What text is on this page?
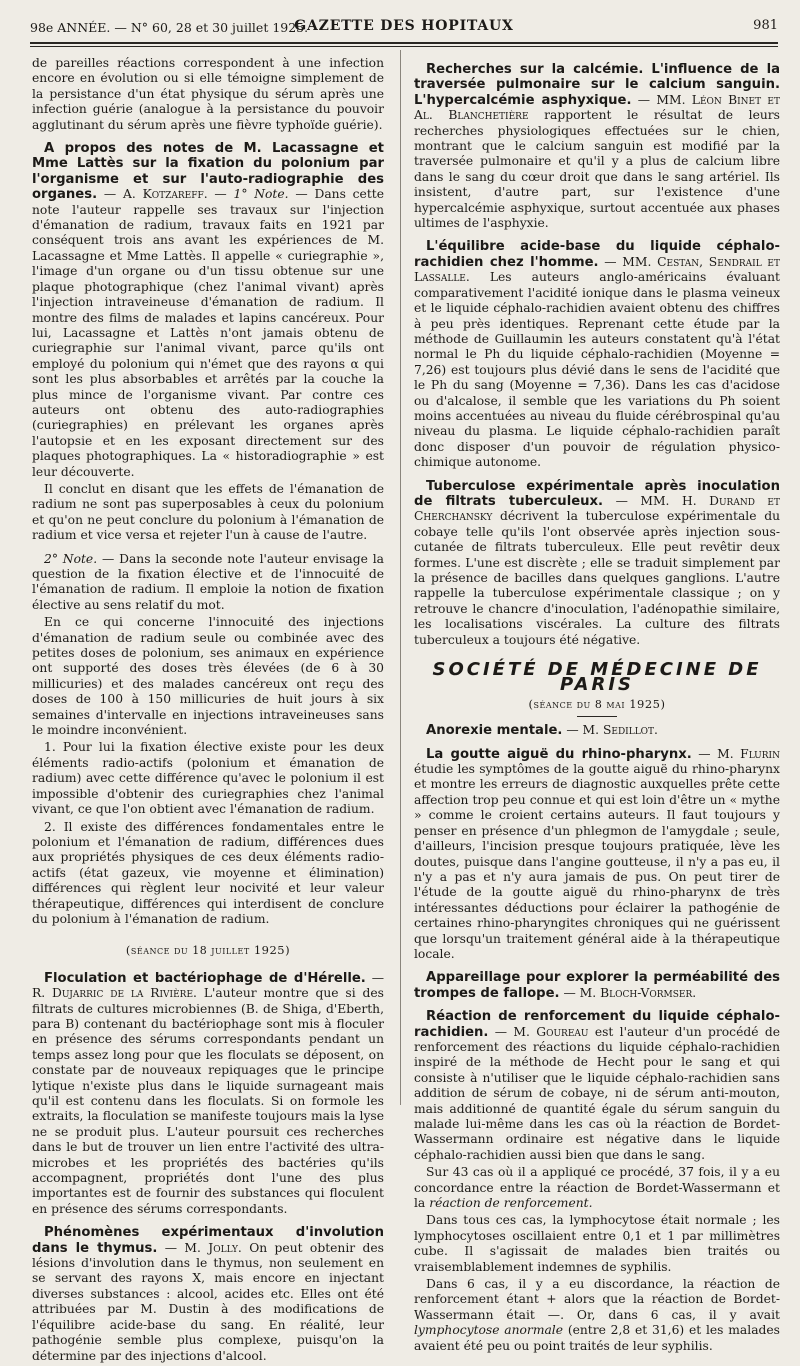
98e ANNÉE. — N° 60, 28 et 30 juillet 1925.
GAZETTE DES HOPITAUX	981

de pareilles réactions correspondent à une infection encore en évolution ou si elle témoigne simplement de la persistance d'un état physique du sérum après une infection guérie (analogue à la persistance du pouvoir agglutinant du sérum après une fièvre typhoïde guérie).

A propos des notes de M. Lacassagne et Mme Lattès sur la fixation du polonium par l'organisme et sur l'auto-radiographie des organes. — A. Kotzareff. — 1° Note. — Dans cette note l'auteur rappelle ses travaux sur l'injection d'émanation de radium, travaux faits en 1921 par conséquent trois ans avant les expériences de M. Lacassagne et Mme Lattès. Il appelle « curiegraphie », l'image d'un organe ou d'un tissu obtenue sur une plaque photographique (chez l'animal vivant) après l'injection intraveineuse d'émanation de radium. Il montre des films de malades et lapins cancéreux. Pour lui, Lacassagne et Lattès n'ont jamais obtenu de curiegraphie sur l'animal vivant, parce qu'ils ont employé du polonium qui n'émet que des rayons α qui sont les plus absorbables et arrêtés par la couche la plus mince de l'organisme vivant. Par contre ces auteurs ont obtenu des auto-radiographies (curiegraphies) en prélevant les organes après l'autopsie et en les exposant directement sur des plaques photographiques. La « historadiographie » est leur découverte.

Il conclut en disant que les effets de l'émanation de radium ne sont pas superposables à ceux du polonium et qu'on ne peut conclure du polonium à l'émanation de radium et vice versa et rejeter l'un à cause de l'autre.

2° Note. — Dans la seconde note l'auteur envisage la question de la fixation élective et de l'innocuité de l'émanation de radium. Il emploie la notion de fixation élective au sens relatif du mot.

En ce qui concerne l'innocuité des injections d'émanation de radium seule ou combinée avec des petites doses de polonium, ses animaux en expérience ont supporté des doses très élevées (de 6 à 30 millicuries) et des malades cancéreux ont reçu des doses de 100 à 150 millicuries de huit jours à six semaines d'intervalle en injections intraveineuses sans le moindre inconvénient.

1. Pour lui la fixation élective existe pour les deux éléments radio-actifs (polonium et émanation de radium) avec cette différence qu'avec le polonium il est impossible d'obtenir des curiegraphies chez l'animal vivant, ce que l'on obtient avec l'émanation de radium.

2. Il existe des différences fondamentales entre le polonium et l'émanation de radium, différences dues aux propriétés physiques de ces deux éléments radio-actifs (état gazeux, vie moyenne et élimination) différences qui règlent leur nocivité et leur valeur thérapeutique, différences qui interdisent de conclure du polonium à l'émanation de radium.

(séance du 18 juillet 1925)

Floculation et bactériophage de d'Hérelle. — R. Dujarric de la Rivière. L'auteur montre que si des filtrats de cultures microbiennes (B. de Shiga, d'Eberth, para B) contenant du bactériophage sont mis à floculer en présence des sérums correspondants pendant un temps assez long pour que les floculats se déposent, on constate par de nouveaux repiquages que le principe lytique n'existe plus dans le liquide surnageant mais qu'il est contenu dans les floculats. Si on formole les extraits, la floculation se manifeste toujours mais la lyse ne se produit plus. L'auteur poursuit ces recherches dans le but de trouver un lien entre l'activité des ultra-microbes et les propriétés des bactéries qu'ils accompagnent, propriétés dont l'une des plus importantes est de fournir des substances qui floculent en présence des sérums correspondants.

Phénomènes expérimentaux d'involution dans le thymus. — M. Jolly. On peut obtenir des lésions d'involution dans le thymus, non seulement en se servant des rayons X, mais encore en injectant diverses substances : alcool, acides etc. Elles ont été attribuées par M. Dustin à des modifications de l'équilibre acide-base du sang. En réalité, leur pathogénie semble plus complexe, puisqu'on la détermine par des injections d'alcool.

Recherches sur la calcémie. L'influence de la traversée pulmonaire sur le calcium sanguin. L'hypercalcémie asphyxique. — MM. Léon Binet et Al. Blanchetière rapportent le résultat de leurs recherches physiologiques effectuées sur le chien, montrant que le calcium sanguin est modifié par la traversée pulmonaire et qu'il y a plus de calcium libre dans le sang du cœur droit que dans le sang artériel. Ils insistent, d'autre part, sur l'existence d'une hypercalcémie asphyxique, surtout accentuée aux phases ultimes de l'asphyxie.

L'équilibre acide-base du liquide céphalo-rachidien chez l'homme. — MM. Cestan, Sendrail et Lassalle. Les auteurs anglo-américains évaluant comparativement l'acidité ionique dans le plasma veineux et le liquide céphalo-rachidien avaient obtenu des chiffres à peu près identiques. Reprenant cette étude par la méthode de Guillaumin les auteurs constatent qu'à l'état normal le Ph du liquide céphalo-rachidien (Moyenne = 7,26) est toujours plus dévié dans le sens de l'acidité que le Ph du sang (Moyenne = 7,36). Dans les cas d'acidose ou d'alcalose, il semble que les variations du Ph soient moins accentuées au niveau du fluide cérébrospinal qu'au niveau du plasma. Le liquide céphalo-rachidien paraît donc disposer d'un pouvoir de régulation physico-chimique autonome.

Tuberculose expérimentale après inoculation de filtrats tuberculeux. — MM. H. Durand et Cherchansky décrivent la tuberculose expérimentale du cobaye telle qu'ils l'ont observée après injection sous-cutanée de filtrats tuberculeux. Elle peut revêtir deux formes. L'une est discrète ; elle se traduit simplement par la présence de bacilles dans quelques ganglions. L'autre rappelle la tuberculose expérimentale classique ; on y retrouve le chancre d'inoculation, l'adénopathie similaire, les localisations viscérales. La culture des filtrats tuberculeux a toujours été négative.

SOCIÉTÉ DE MÉDECINE DE PARIS
(séance du 8 mai 1925)

Anorexie mentale. — M. Sedillot.

La goutte aiguë du rhino-pharynx. — M. Flurin étudie les symptômes de la goutte aiguë du rhino-pharynx et montre les erreurs de diagnostic auxquelles prête cette affection trop peu connue et qui est loin d'être un « mythe » comme le croient certains auteurs. Il faut toujours y penser en présence d'un phlegmon de l'amygdale ; seule, d'ailleurs, l'incision presque toujours pratiquée, lève les doutes, puisque dans l'angine goutteuse, il n'y a pas eu, il n'y a pas et n'y aura jamais de pus. On peut tirer de l'étude de la goutte aiguë du rhino-pharynx de très intéressantes déductions pour éclairer la pathogénie de certaines rhino-pharyngites chroniques qui ne guérissent que lorsqu'un traitement général aide à la thérapeutique locale.

Appareillage pour explorer la perméabilité des trompes de fallope. — M. Bloch-Vormser.

Réaction de renforcement du liquide céphalo-rachidien. — M. Goureau est l'auteur d'un procédé de renforcement des réactions du liquide céphalo-rachidien inspiré de la méthode de Hecht pour le sang et qui consiste à n'utiliser que le liquide céphalo-rachidien sans addition de sérum de cobaye, ni de sérum anti-mouton, mais additionné de quantité égale du sérum sanguin du malade lui-même dans les cas où la réaction de Bordet-Wassermann ordinaire est négative dans le liquide céphalo-rachidien aussi bien que dans le sang.

Sur 43 cas où il a appliqué ce procédé, 37 fois, il y a eu concordance entre la réaction de Bordet-Wassermann et la réaction de renforcement.

Dans tous ces cas, la lymphocytose était normale ; les lymphocytoses oscillaient entre 0,1 et 1 par millimètres cube. Il s'agissait de malades bien traités ou vraisemblablement indemnes de syphilis.

Dans 6 cas, il y a eu discordance, la réaction de renforcement étant + alors que la réaction de Bordet-Wassermann était —. Or, dans 6 cas, il y avait lymphocytose anormale (entre 2,8 et 31,6) et les malades avaient été peu ou point traités de leur syphilis.
